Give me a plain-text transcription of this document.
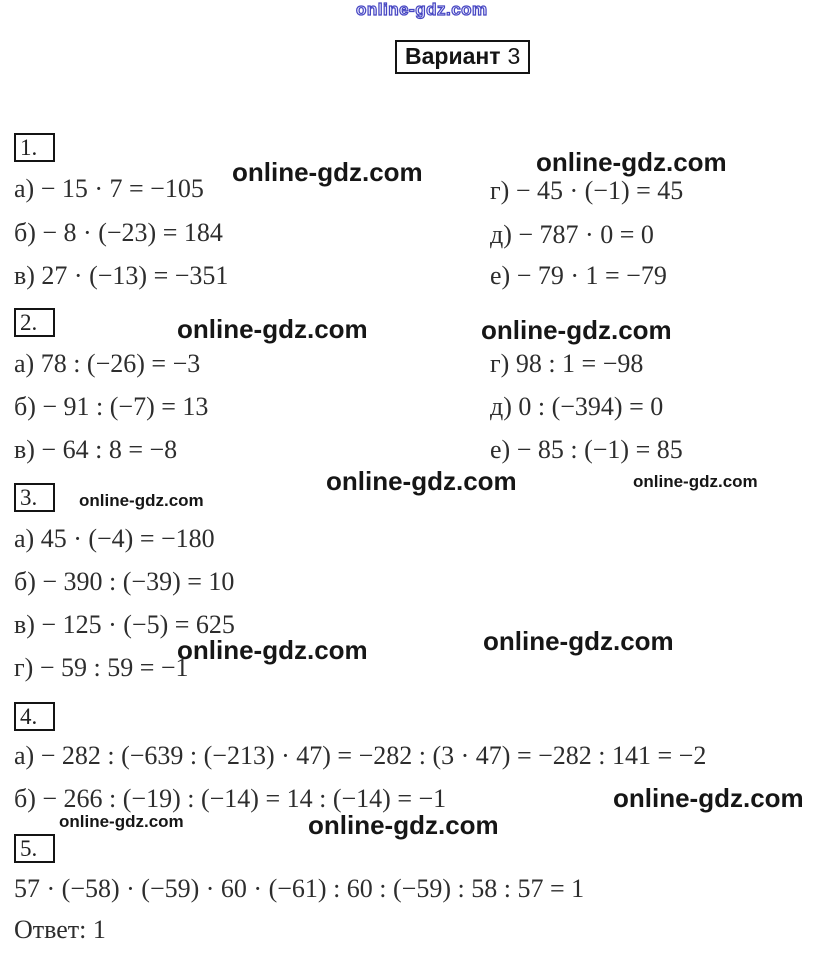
online-gdz.com
Вариант 3
1.
а) − 15 · 7 = −105
б) − 8 · (−23) = 184
в) 27 · (−13) = −351
г) − 45 · (−1) = 45
д) − 787 · 0 = 0
е) − 79 · 1 = −79
2.
а) 78 : (−26) = −3
б) − 91 : (−7) = 13
в) − 64 : 8 = −8
г) 98 : 1 = −98
д) 0 : (−394) = 0
е) − 85 : (−1) = 85
3.
а) 45 · (−4) = −180
б) − 390 : (−39) = 10
в) − 125 · (−5) = 625
г) − 59 : 59 = −1
4.
а) − 282 : (−639 : (−213) · 47) = −282 : (3 · 47) = −282 : 141 = −2
б) − 266 : (−19) : (−14) = 14 : (−14) = −1
5.
57 · (−58) · (−59) · 60 · (−61) : 60 : (−59) : 58 : 57 = 1
Ответ: 1
online-gdz.com	online-gdz.com
online-gdz.com	online-gdz.com
online-gdz.com	online-gdz.com
online-gdz.com
online-gdz.com	online-gdz.com
online-gdz.com
online-gdz.com	online-gdz.com
